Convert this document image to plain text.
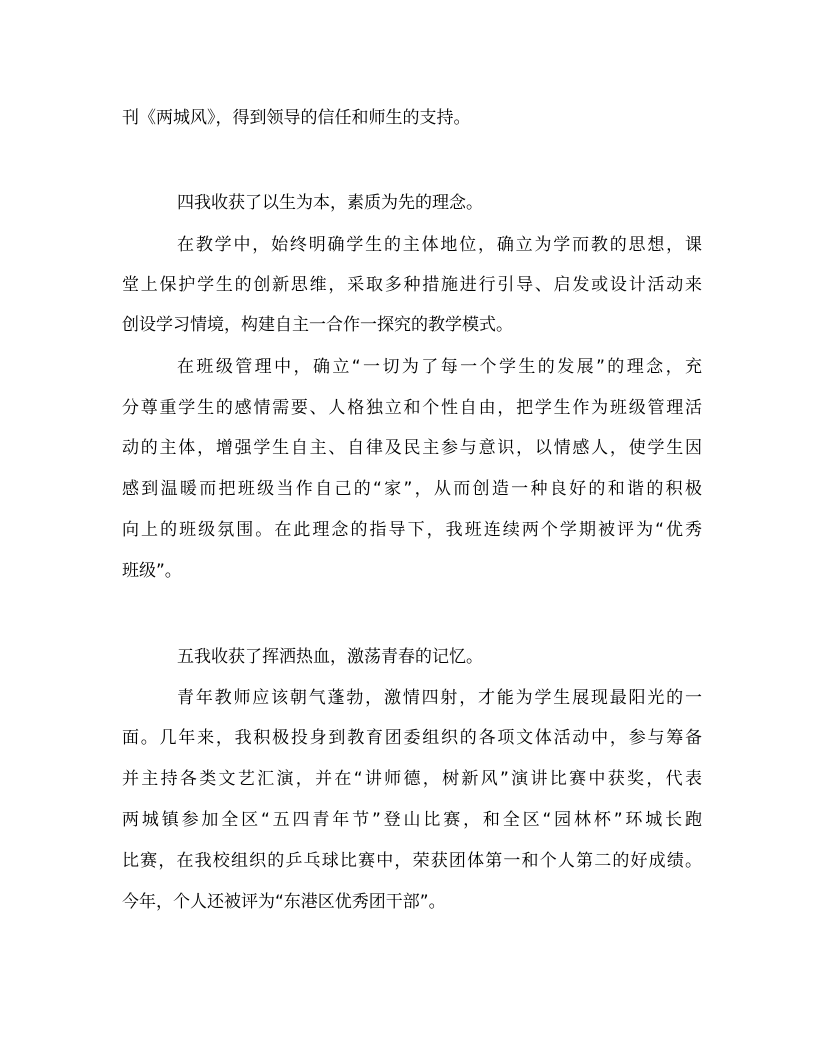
刊《两城风》，得到领导的信任和师生的支持。
四我收获了以生为本，素质为先的理念。
在教学中，始终明确学生的主体地位，确立为学而教的思想，课
堂上保护学生的创新思维，采取多种措施进行引导、启发或设计活动来
创设学习情境，构建自主一合作一探究的教学模式。
在班级管理中，确立“一切为了每一个学生的发展”的理念，充
分尊重学生的感情需要、人格独立和个性自由，把学生作为班级管理活
动的主体，增强学生自主、自律及民主参与意识，以情感人，使学生因
感到温暖而把班级当作自己的“家”，从而创造一种良好的和谐的积极
向上的班级氛围。在此理念的指导下，我班连续两个学期被评为“优秀
班级”。
五我收获了挥洒热血，激荡青春的记忆。
青年教师应该朝气蓬勃，激情四射，才能为学生展现最阳光的一
面。几年来，我积极投身到教育团委组织的各项文体活动中，参与筹备
并主持各类文艺汇演，并在“讲师德，树新风”演讲比赛中获奖，代表
两城镇参加全区“五四青年节”登山比赛，和全区“园林杯”环城长跑
比赛，在我校组织的乒乓球比赛中，荣获团体第一和个人第二的好成绩。
今年，个人还被评为“东港区优秀团干部”。
